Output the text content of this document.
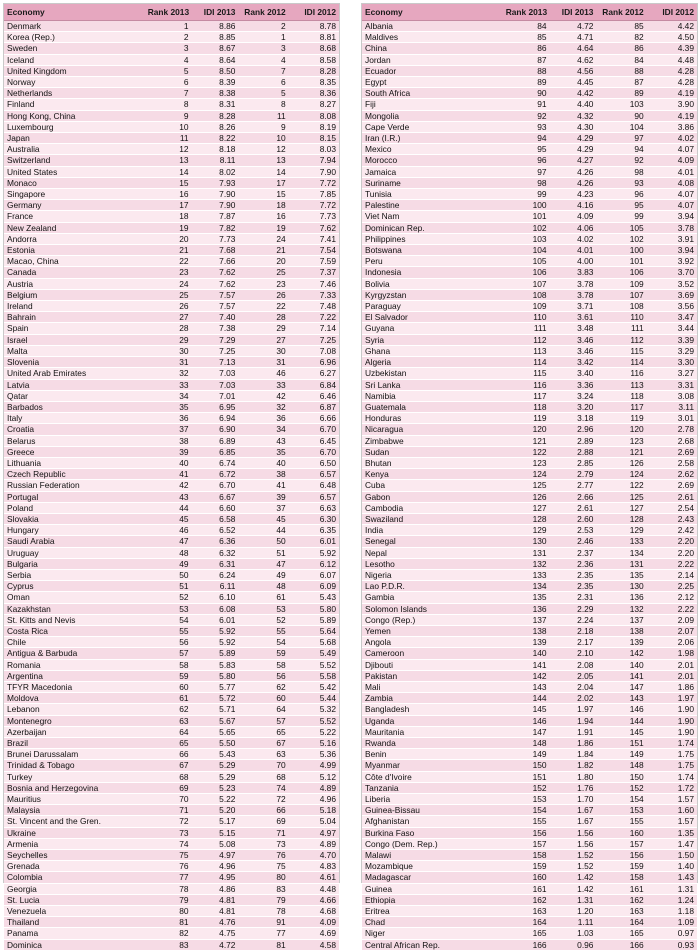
Economy	Rank 2013	IDI 2013	Rank 2012	IDI 2012
Denmark	1	8.86	2	8.78
Korea (Rep.)	2	8.85	1	8.81
Sweden	3	8.67	3	8.68
Iceland	4	8.64	4	8.58
United Kingdom	5	8.50	7	8.28
Norway	6	8.39	6	8.35
Netherlands	7	8.38	5	8.36
Finland	8	8.31	8	8.27
Hong Kong, China	9	8.28	11	8.08
Luxembourg	10	8.26	9	8.19
Japan	11	8.22	10	8.15
Australia	12	8.18	12	8.03
Switzerland	13	8.11	13	7.94
United States	14	8.02	14	7.90
Monaco	15	7.93	17	7.72
Singapore	16	7.90	15	7.85
Germany	17	7.90	18	7.72
France	18	7.87	16	7.73
New Zealand	19	7.82	19	7.62
Andorra	20	7.73	24	7.41
Estonia	21	7.68	21	7.54
Macao, China	22	7.66	20	7.59
Canada	23	7.62	25	7.37
Austria	24	7.62	23	7.46
Belgium	25	7.57	26	7.33
Ireland	26	7.57	22	7.48
Bahrain	27	7.40	28	7.22
Spain	28	7.38	29	7.14
Israel	29	7.29	27	7.25
Malta	30	7.25	30	7.08
Slovenia	31	7.13	31	6.96
United Arab Emirates	32	7.03	46	6.27
Latvia	33	7.03	33	6.84
Qatar	34	7.01	42	6.46
Barbados	35	6.95	32	6.87
Italy	36	6.94	36	6.66
Croatia	37	6.90	34	6.70
Belarus	38	6.89	43	6.45
Greece	39	6.85	35	6.70
Lithuania	40	6.74	40	6.50
Czech Republic	41	6.72	38	6.57
Russian Federation	42	6.70	41	6.48
Portugal	43	6.67	39	6.57
Poland	44	6.60	37	6.63
Slovakia	45	6.58	45	6.30
Hungary	46	6.52	44	6.35
Saudi Arabia	47	6.36	50	6.01
Uruguay	48	6.32	51	5.92
Bulgaria	49	6.31	47	6.12
Serbia	50	6.24	49	6.07
Cyprus	51	6.11	48	6.09
Oman	52	6.10	61	5.43
Kazakhstan	53	6.08	53	5.80
St. Kitts and Nevis	54	6.01	52	5.89
Costa Rica	55	5.92	55	5.64
Chile	56	5.92	54	5.68
Antigua & Barbuda	57	5.89	59	5.49
Romania	58	5.83	58	5.52
Argentina	59	5.80	56	5.58
TFYR Macedonia	60	5.77	62	5.42
Moldova	61	5.72	60	5.44
Lebanon	62	5.71	64	5.32
Montenegro	63	5.67	57	5.52
Azerbaijan	64	5.65	65	5.22
Brazil	65	5.50	67	5.16
Brunei Darussalam	66	5.43	63	5.36
Trinidad & Tobago	67	5.29	70	4.99
Turkey	68	5.29	68	5.12
Bosnia and Herzegovina	69	5.23	74	4.89
Mauritius	70	5.22	72	4.96
Malaysia	71	5.20	66	5.18
St. Vincent and the Gren.	72	5.17	69	5.04
Ukraine	73	5.15	71	4.97
Armenia	74	5.08	73	4.89
Seychelles	75	4.97	76	4.70
Grenada	76	4.96	75	4.83
Colombia	77	4.95	80	4.61
Georgia	78	4.86	83	4.48
St. Lucia	79	4.81	79	4.66
Venezuela	80	4.81	78	4.68
Thailand	81	4.76	91	4.09
Panama	82	4.75	77	4.69
Dominica	83	4.72	81	4.58
Economy	Rank 2013	IDI 2013	Rank 2012	IDI 2012
Albania	84	4.72	85	4.42
Maldives	85	4.71	82	4.50
China	86	4.64	86	4.39
Jordan	87	4.62	84	4.48
Ecuador	88	4.56	88	4.28
Egypt	89	4.45	87	4.28
South Africa	90	4.42	89	4.19
Fiji	91	4.40	103	3.90
Mongolia	92	4.32	90	4.19
Cape Verde	93	4.30	104	3.86
Iran (I.R.)	94	4.29	97	4.02
Mexico	95	4.29	94	4.07
Morocco	96	4.27	92	4.09
Jamaica	97	4.26	98	4.01
Suriname	98	4.26	93	4.08
Tunisia	99	4.23	96	4.07
Palestine	100	4.16	95	4.07
Viet Nam	101	4.09	99	3.94
Dominican Rep.	102	4.06	105	3.78
Philippines	103	4.02	102	3.91
Botswana	104	4.01	100	3.94
Peru	105	4.00	101	3.92
Indonesia	106	3.83	106	3.70
Bolivia	107	3.78	109	3.52
Kyrgyzstan	108	3.78	107	3.69
Paraguay	109	3.71	108	3.56
El Salvador	110	3.61	110	3.47
Guyana	111	3.48	111	3.44
Syria	112	3.46	112	3.39
Ghana	113	3.46	115	3.29
Algeria	114	3.42	114	3.30
Uzbekistan	115	3.40	116	3.27
Sri Lanka	116	3.36	113	3.31
Namibia	117	3.24	118	3.08
Guatemala	118	3.20	117	3.11
Honduras	119	3.18	119	3.01
Nicaragua	120	2.96	120	2.78
Zimbabwe	121	2.89	123	2.68
Sudan	122	2.88	121	2.69
Bhutan	123	2.85	126	2.58
Kenya	124	2.79	124	2.62
Cuba	125	2.77	122	2.69
Gabon	126	2.66	125	2.61
Cambodia	127	2.61	127	2.54
Swaziland	128	2.60	128	2.43
India	129	2.53	129	2.42
Senegal	130	2.46	133	2.20
Nepal	131	2.37	134	2.20
Lesotho	132	2.36	131	2.22
Nigeria	133	2.35	135	2.14
Lao P.D.R.	134	2.35	130	2.25
Gambia	135	2.31	136	2.12
Solomon Islands	136	2.29	132	2.22
Congo (Rep.)	137	2.24	137	2.09
Yemen	138	2.18	138	2.07
Angola	139	2.17	139	2.06
Cameroon	140	2.10	142	1.98
Djibouti	141	2.08	140	2.01
Pakistan	142	2.05	141	2.01
Mali	143	2.04	147	1.86
Zambia	144	2.02	143	1.97
Bangladesh	145	1.97	146	1.90
Uganda	146	1.94	144	1.90
Mauritania	147	1.91	145	1.90
Rwanda	148	1.86	151	1.74
Benin	149	1.84	149	1.75
Myanmar	150	1.82	148	1.75
Côte d'Ivoire	151	1.80	150	1.74
Tanzania	152	1.76	152	1.72
Liberia	153	1.70	154	1.57
Guinea-Bissau	154	1.67	153	1.60
Afghanistan	155	1.67	155	1.57
Burkina Faso	156	1.56	160	1.35
Congo (Dem. Rep.)	157	1.56	157	1.47
Malawi	158	1.52	156	1.50
Mozambique	159	1.52	159	1.40
Madagascar	160	1.42	158	1.43
Guinea	161	1.42	161	1.31
Ethiopia	162	1.31	162	1.24
Eritrea	163	1.20	163	1.18
Chad	164	1.11	164	1.09
Niger	165	1.03	165	0.97
Central African Rep.	166	0.96	166	0.93
